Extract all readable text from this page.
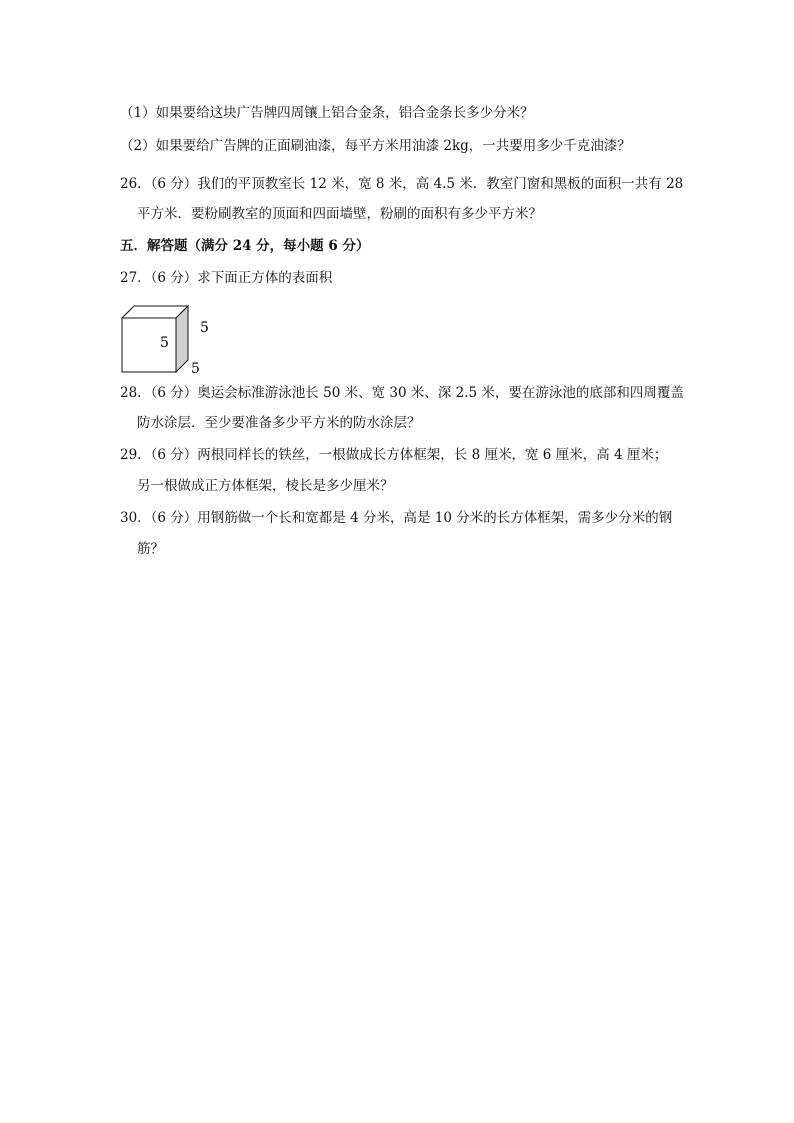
（1）如果要给这块广告牌四周镶上铝合金条，铝合金条长多少分米？
（2）如果要给广告牌的正面刷油漆，每平方米用油漆 2kg，一共要用多少千克油漆？
26．（6 分）我们的平顶教室长 12 米，宽 8 米，高 4.5 米．教室门窗和黑板的面积一共有 28
平方米．要粉刷教室的顶面和四面墙壁，粉刷的面积有多少平方米？
五．解答题（满分 24 分，每小题 6 分）
27．（6 分）求下面正方体的表面积
5
5
5
28．（6 分）奥运会标准游泳池长 50 米、宽 30 米、深 2.5 米，要在游泳池的底部和四周覆盖
防水涂层．至少要准备多少平方米的防水涂层？
29．（6 分）两根同样长的铁丝，一根做成长方体框架，长 8 厘米，宽 6 厘米，高 4 厘米；
另一根做成正方体框架，棱长是多少厘米？
30．（6 分）用钢筋做一个长和宽都是 4 分米，高是 10 分米的长方体框架，需多少分米的钢
筋？
